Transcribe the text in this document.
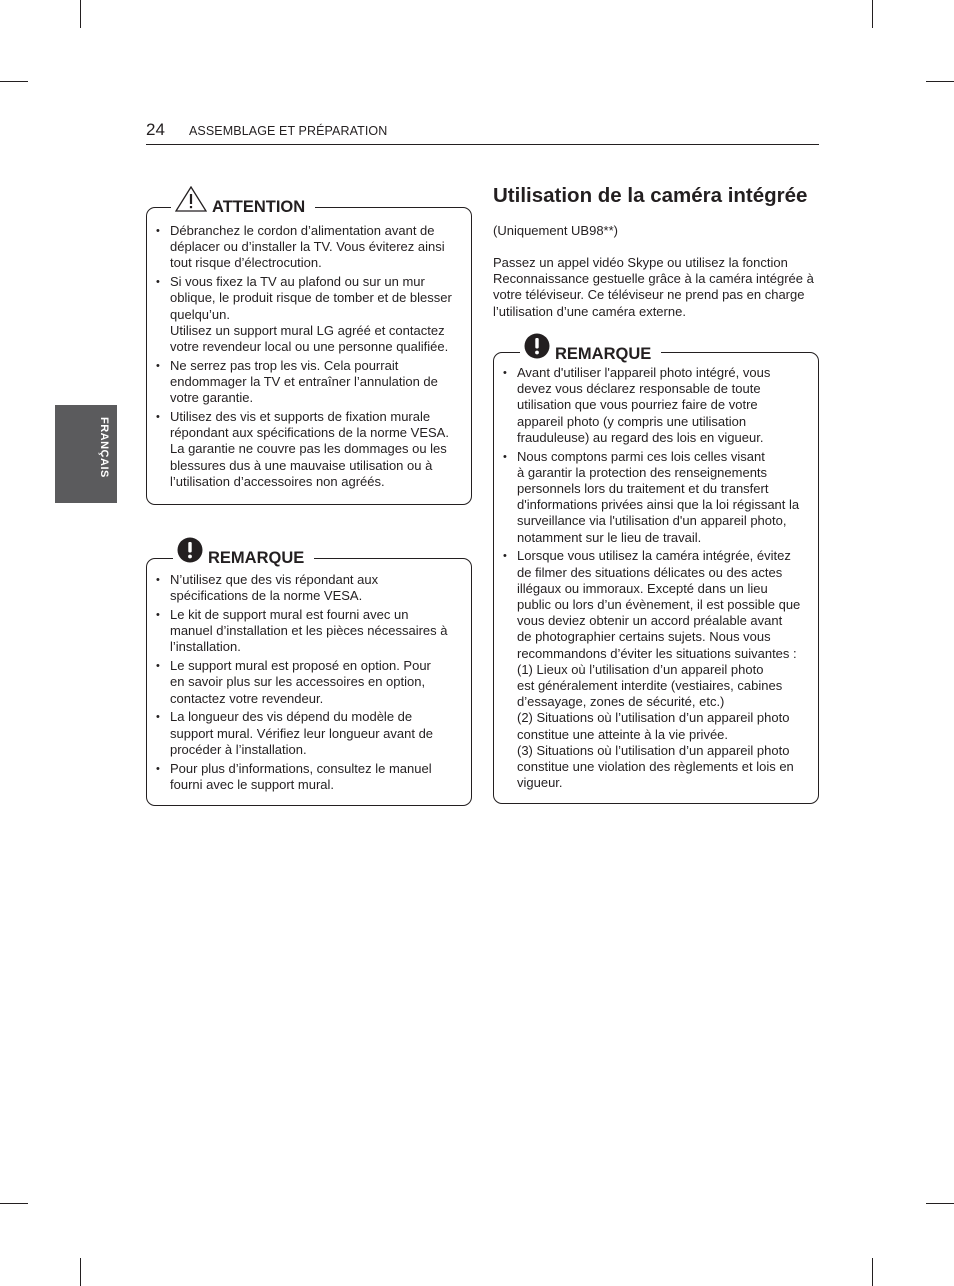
24 ASSEMBLAGE ET PRÉPARATION
FRANÇAIS
ATTENTION
• Débranchez le cordon d’alimentation avant de
déplacer ou d’installer la TV. Vous éviterez ainsi
tout risque d’électrocution.
• Si vous fixez la TV au plafond ou sur un mur
oblique, le produit risque de tomber et de blesser
quelqu’un.
Utilisez un support mural LG agréé et contactez
votre revendeur local ou une personne qualifiée.
• Ne serrez pas trop les vis. Cela pourrait
endommager la TV et entraîner l’annulation de
votre garantie.
• Utilisez des vis et supports de fixation murale
répondant aux spécifications de la norme VESA.
La garantie ne couvre pas les dommages ou les
blessures dus à une mauvaise utilisation ou à
l’utilisation d’accessoires non agréés.
REMARQUE
• N’utilisez que des vis répondant aux
spécifications de la norme VESA.
• Le kit de support mural est fourni avec un
manuel d’installation et les pièces nécessaires à
l’installation.
• Le support mural est proposé en option. Pour
en savoir plus sur les accessoires en option,
contactez votre revendeur.
• La longueur des vis dépend du modèle de
support mural. Vérifiez leur longueur avant de
procéder à l’installation.
• Pour plus d’informations, consultez le manuel
fourni avec le support mural.
Utilisation de la caméra intégrée
(Uniquement UB98**)
Passez un appel vidéo Skype ou utilisez la fonction
Reconnaissance gestuelle grâce à la caméra intégrée à
votre téléviseur. Ce téléviseur ne prend pas en charge
l’utilisation d’une caméra externe.
REMARQUE
• Avant d'utiliser l'appareil photo intégré, vous
devez vous déclarez responsable de toute
utilisation que vous pourriez faire de votre
appareil photo (y compris une utilisation
frauduleuse) au regard des lois en vigueur.
• Nous comptons parmi ces lois celles visant
à garantir la protection des renseignements
personnels lors du traitement et du transfert
d'informations privées ainsi que la loi régissant la
surveillance via l'utilisation d'un appareil photo,
notamment sur le lieu de travail.
• Lorsque vous utilisez la caméra intégrée, évitez
de filmer des situations délicates ou des actes
illégaux ou immoraux. Excepté dans un lieu
public ou lors d’un évènement, il est possible que
vous deviez obtenir un accord préalable avant
de photographier certains sujets. Nous vous
recommandons d’éviter les situations suivantes :
(1) Lieux où l’utilisation d’un appareil photo
est généralement interdite (vestiaires, cabines
d’essayage, zones de sécurité, etc.)
(2) Situations où l’utilisation d’un appareil photo
constitue une atteinte à la vie privée.
(3) Situations où l’utilisation d’un appareil photo
constitue une violation des règlements et lois en
vigueur.
